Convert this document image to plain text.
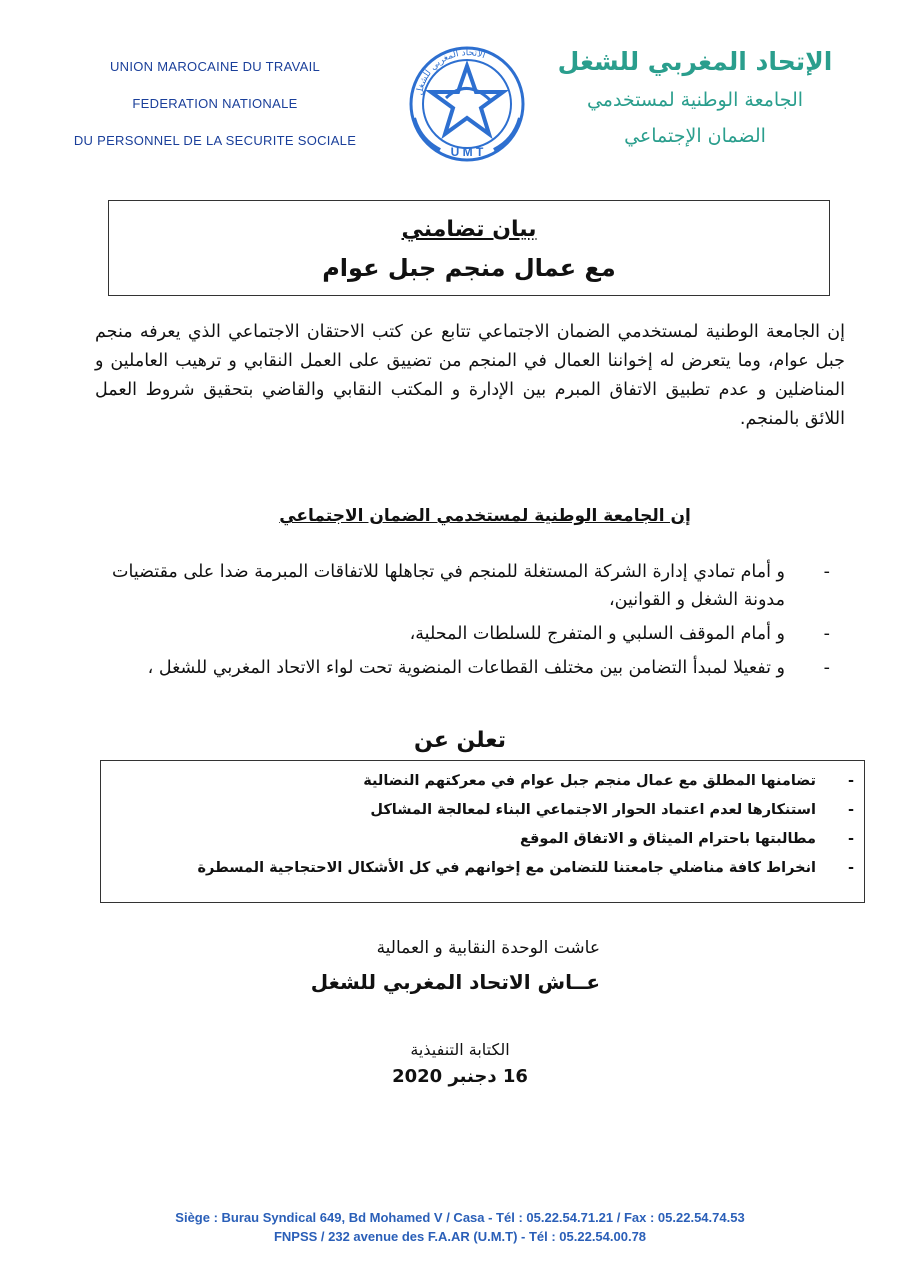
UNION MAROCAINE DU TRAVAIL
FEDERATION NATIONALE
DU PERSONNEL DE LA SECURITE SOCIALE
الاتحاد المغربي للشغل
U M T
الإتحاد المغربي للشغل
الجامعة الوطنية لمستخدمي
الضمان الإجتماعي
بيان تضامني
مع عمال منجم جبل عوام

إن الجامعة الوطنية لمستخدمي الضمان الاجتماعي تتابع عن كتب الاحتقان الاجتماعي الذي يعرفه منجم جبل عوام، وما يتعرض له إخواننا العمال في المنجم من تضييق على العمل النقابي و ترهيب العاملين و المناضلين و عدم تطبيق الاتفاق المبرم بين الإدارة و المكتب النقابي والقاضي بتحقيق شروط العمل اللائق بالمنجم.

إن الجامعة الوطنية لمستخدمي الضمان الاجتماعي
-
و أمام تمادي إدارة الشركة المستغلة للمنجم في تجاهلها للاتفاقات المبرمة ضدا على مقتضيات مدونة الشغل و القوانين،
-
و أمام الموقف السلبي و المتفرج للسلطات المحلية،
-
و تفعيلا لمبدأ التضامن بين مختلف القطاعات المنضوية تحت لواء الاتحاد المغربي للشغل ،
تعلن عن
-
تضامنها المطلق مع عمال منجم جبل عوام في معركتهم النضالية
-
استنكارها لعدم اعتماد الحوار الاجتماعي البناء لمعالجة المشاكل
-
مطالبتها باحترام الميثاق و الاتفاق الموقع
-
انخراط كافة مناضلي جامعتنا للتضامن مع إخوانهم في كل الأشكال الاحتجاجية المسطرة
عاشت الوحدة النقابية و العمالية
عــاش الاتحاد المغربي للشغل
الكتابة التنفيذية
16 دجنبر 2020
Siège : Burau Syndical 649, Bd Mohamed V / Casa - Tél : 05.22.54.71.21 / Fax : 05.22.54.74.53
FNPSS / 232 avenue des F.A.AR (U.M.T) - Tél : 05.22.54.00.78
